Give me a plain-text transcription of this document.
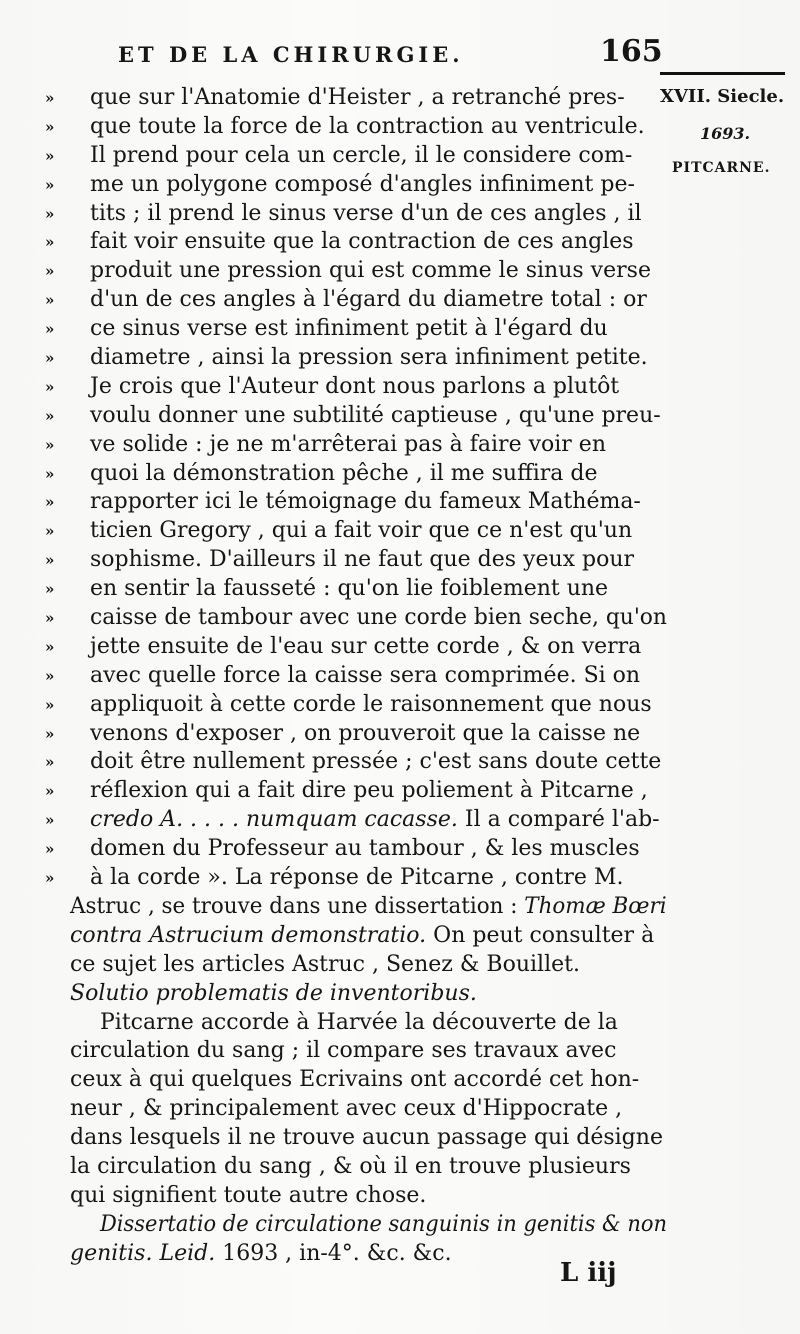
ET DE LA CHIRURGIE.	165
XVII. Siecle.
1693.
PITCARNE.
» que sur l'Anatomie d'Heister , a retranché pres-
» que toute la force de la contraction au ventricule.
» Il prend pour cela un cercle, il le considere com-
» me un polygone composé d'angles infiniment pe-
» tits ; il prend le sinus verse d'un de ces angles , il
» fait voir ensuite que la contraction de ces angles
» produit une pression qui est comme le sinus verse
» d'un de ces angles à l'égard du diametre total : or
» ce sinus verse est infiniment petit à l'égard du
» diametre , ainsi la pression sera infiniment petite.
» Je crois que l'Auteur dont nous parlons a plutôt
» voulu donner une subtilité captieuse , qu'une preu-
» ve solide : je ne m'arrêterai pas à faire voir en
» quoi la démonstration pêche , il me suffira de
» rapporter ici le témoignage du fameux Mathéma-
» ticien Gregory , qui a fait voir que ce n'est qu'un
» sophisme. D'ailleurs il ne faut que des yeux pour
» en sentir la fausseté : qu'on lie foiblement une
» caisse de tambour avec une corde bien seche, qu'on
» jette ensuite de l'eau sur cette corde , & on verra
» avec quelle force la caisse sera comprimée. Si on
» appliquoit à cette corde le raisonnement que nous
» venons d'exposer , on prouveroit que la caisse ne
» doit être nullement pressée ; c'est sans doute cette
» réflexion qui a fait dire peu poliement à Pitcarne ,
» credo A. . . . . numquam cacasse. Il a comparé l'ab-
» domen du Professeur au tambour , & les muscles
» à la corde ». La réponse de Pitcarne , contre M.
Astruc , se trouve dans une dissertation : Thomæ Bœri
contra Astrucium demonstratio. On peut consulter à
ce sujet les articles Astruc , Senez & Bouillet.
Solutio problematis de inventoribus.
Pitcarne accorde à Harvée la découverte de la
circulation du sang ; il compare ses travaux avec
ceux à qui quelques Ecrivains ont accordé cet hon-
neur , & principalement avec ceux d'Hippocrate ,
dans lesquels il ne trouve aucun passage qui désigne
la circulation du sang , & où il en trouve plusieurs
qui signifient toute autre chose.
Dissertatio de circulatione sanguinis in genitis & non
genitis. Leid. 1693 , in-4°. &c. &c.
L iij
